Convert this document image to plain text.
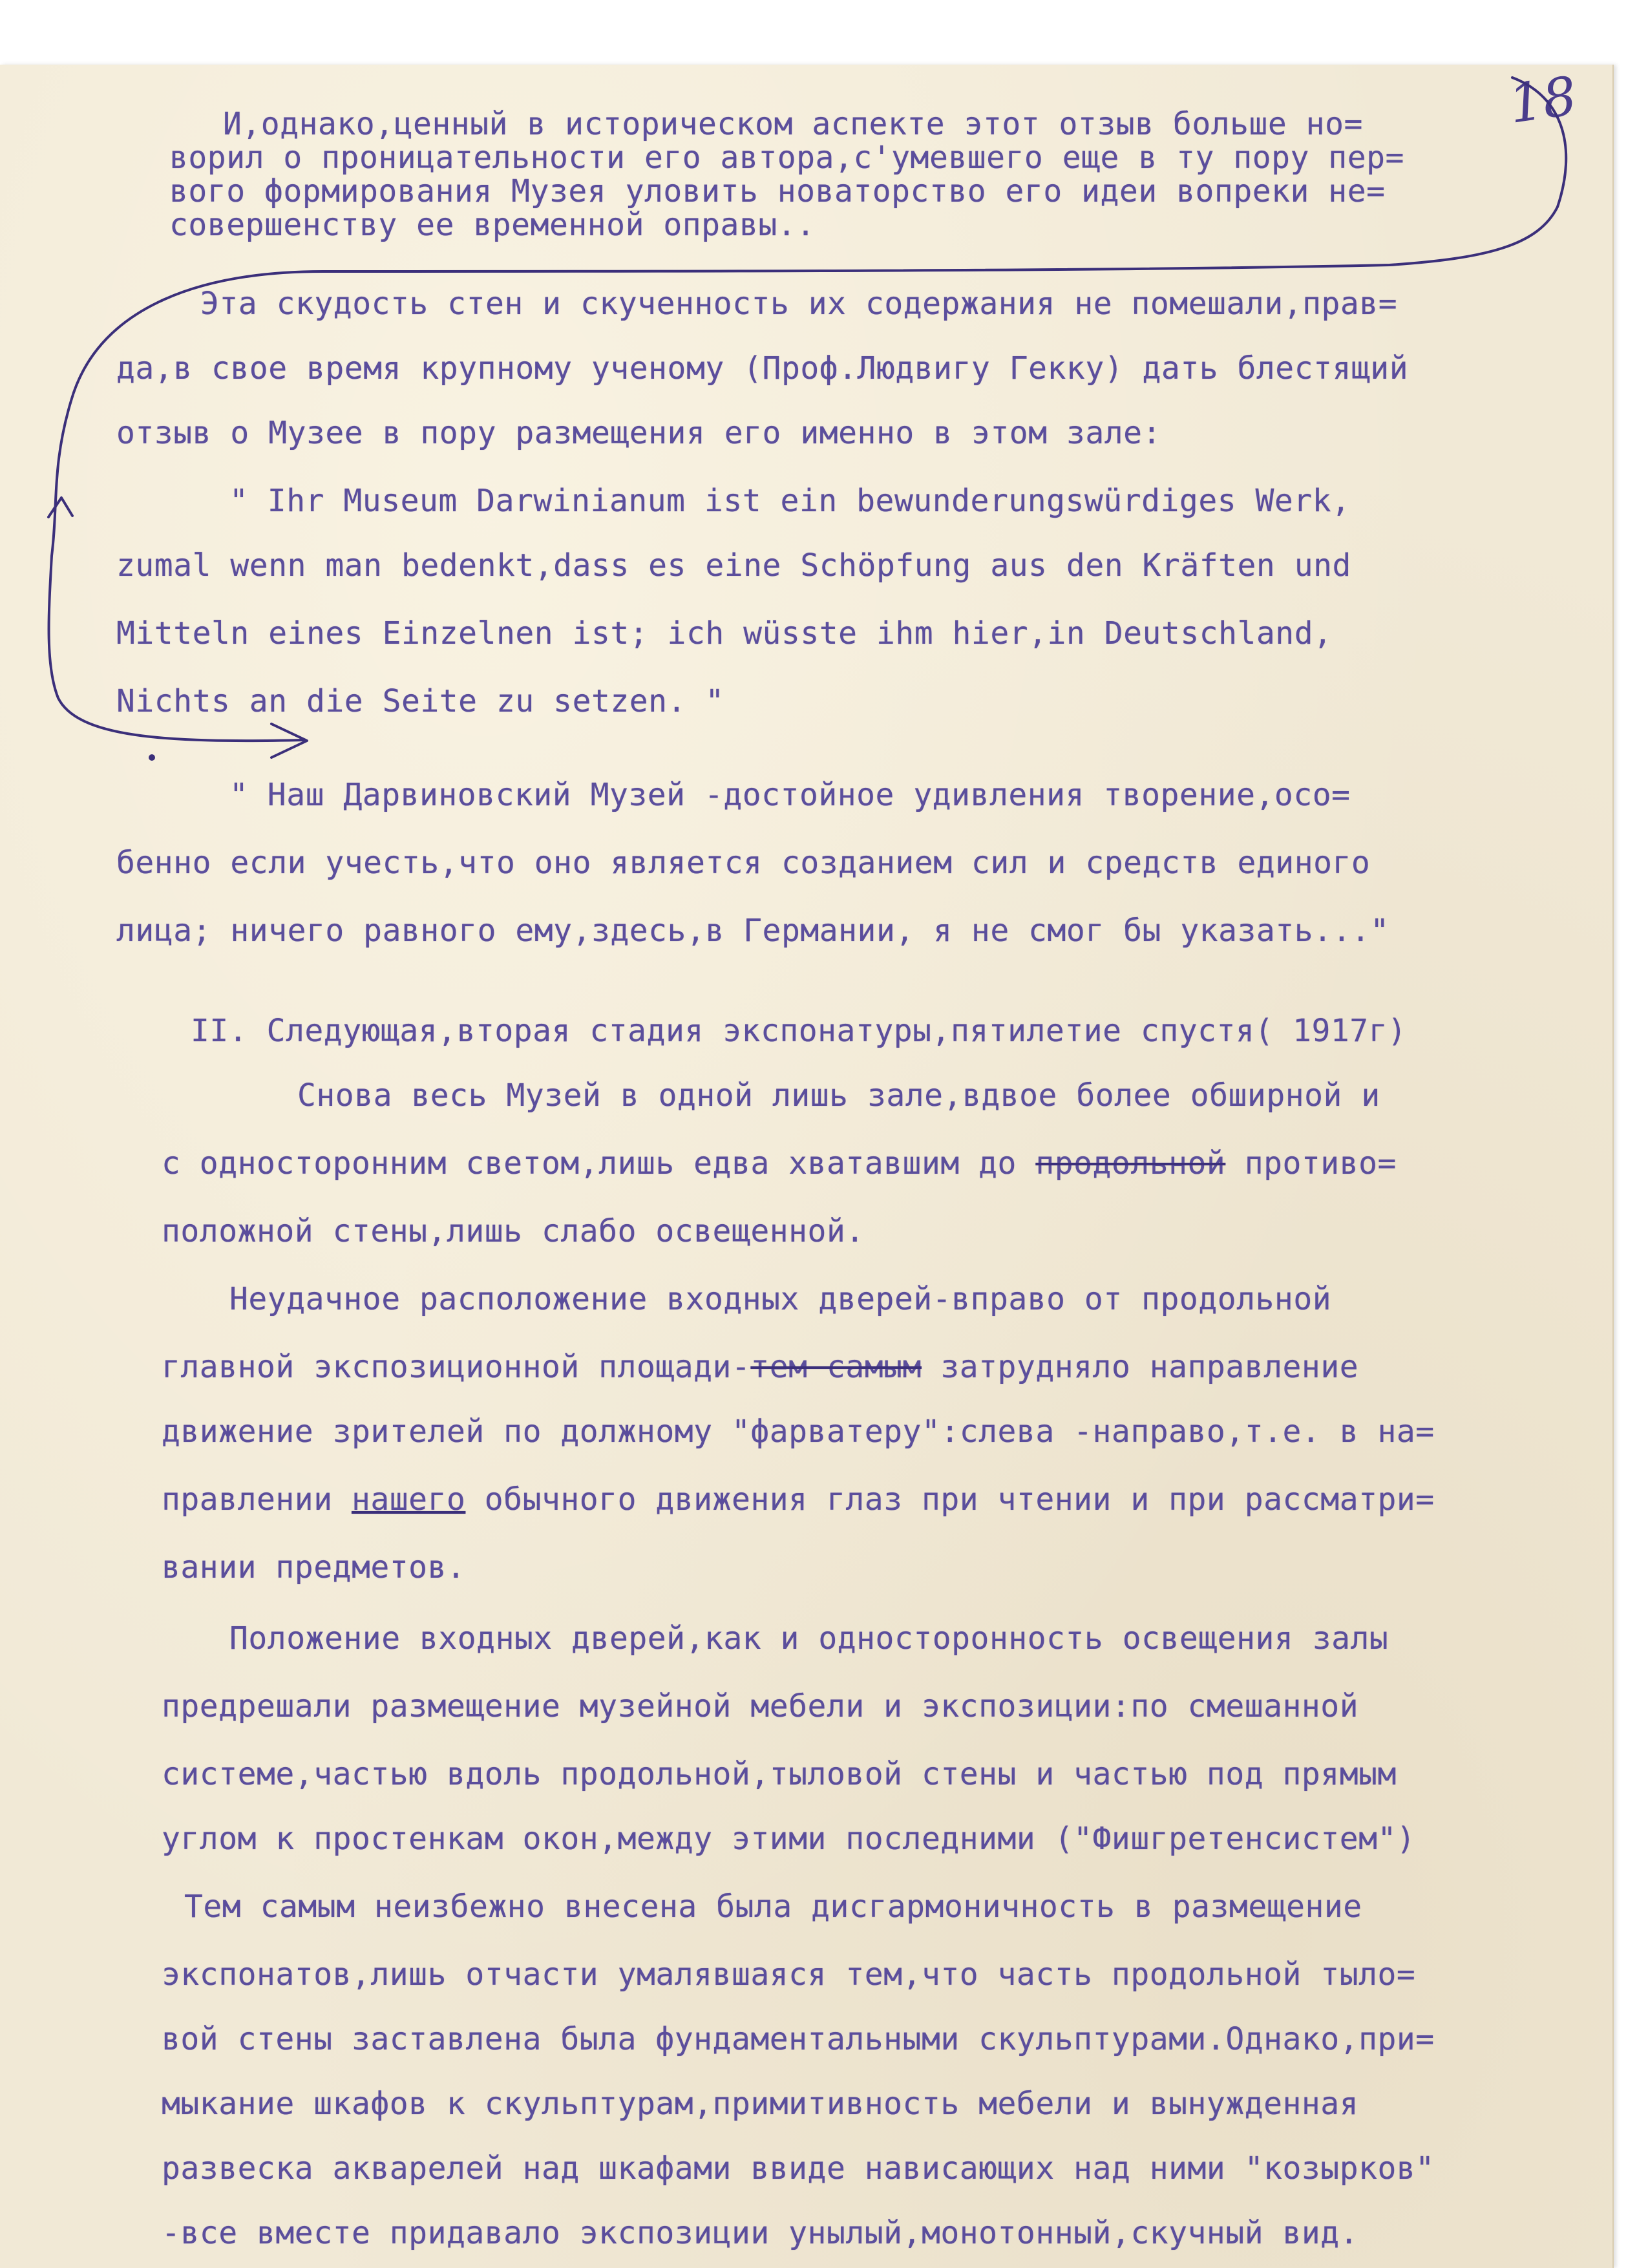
18

И,однако,ценный в историческом аспекте этот отзыв больше но=

ворил о проницательности его автора,с'умевшего еще в ту пору пер=

вого формирования Музея уловить новаторство его идеи вопреки не=

совершенству ее временной оправы..

Эта скудость стен и скученность их содержания не помешали,прав=

да,в свое время крупному ученому (Проф.Людвигу Гекку) дать блестящий

отзыв о Музее в пору размещения его именно в этом зале:

" Ihr Museum Darwinianum ist ein bewunderungswürdiges Werk,

zumal wenn man bedenkt,dass es eine Schöpfung aus den Kräften und

Mitteln eines Einzelnen ist; ich wüsste ihm hier,in Deutschland,

Nichts an die Seite zu setzen. "

" Наш Дарвиновский Музей -достойное удивления творение,осо=

бенно если учесть,что оно является созданием сил и средств единого

лица; ничего равного ему,здесь,в Германии, я не смог бы указать..."

II. Следующая,вторая стадия экспонатуры,пятилетие спустя( 1917г)

Снова весь Музей в одной лишь зале,вдвое более обширной и

с односторонним светом,лишь едва хватавшим до продольной противо=

положной стены,лишь слабо освещенной.

Неудачное расположение входных дверей-вправо от продольной

главной экспозиционной площади-тем самым затрудняло направление

движение зрителей по должному "фарватеру":слева -направо,т.е. в на=

правлении нашего обычного движения глаз при чтении и при рассматри=

вании предметов.

Положение входных дверей,как и односторонность освещения залы

предрешали размещение музейной мебели и экспозиции:по смешанной

системе,частью вдоль продольной,тыловой стены и частью под прямым

углом к простенкам окон,между этими последними ("Фишгретенсистем")

Тем самым неизбежно внесена была дисгармоничность в размещение

экспонатов,лишь отчасти умалявшаяся тем,что часть продольной тыло=

вой стены заставлена была фундаментальными скульптурами.Однако,при=

мыкание шкафов к скульптурам,примитивность мебели и вынужденная

развеска акварелей над шкафами ввиде нависающих над ними "козырков"

-все вместе придавало экспозиции унылый,монотонный,скучный вид.
